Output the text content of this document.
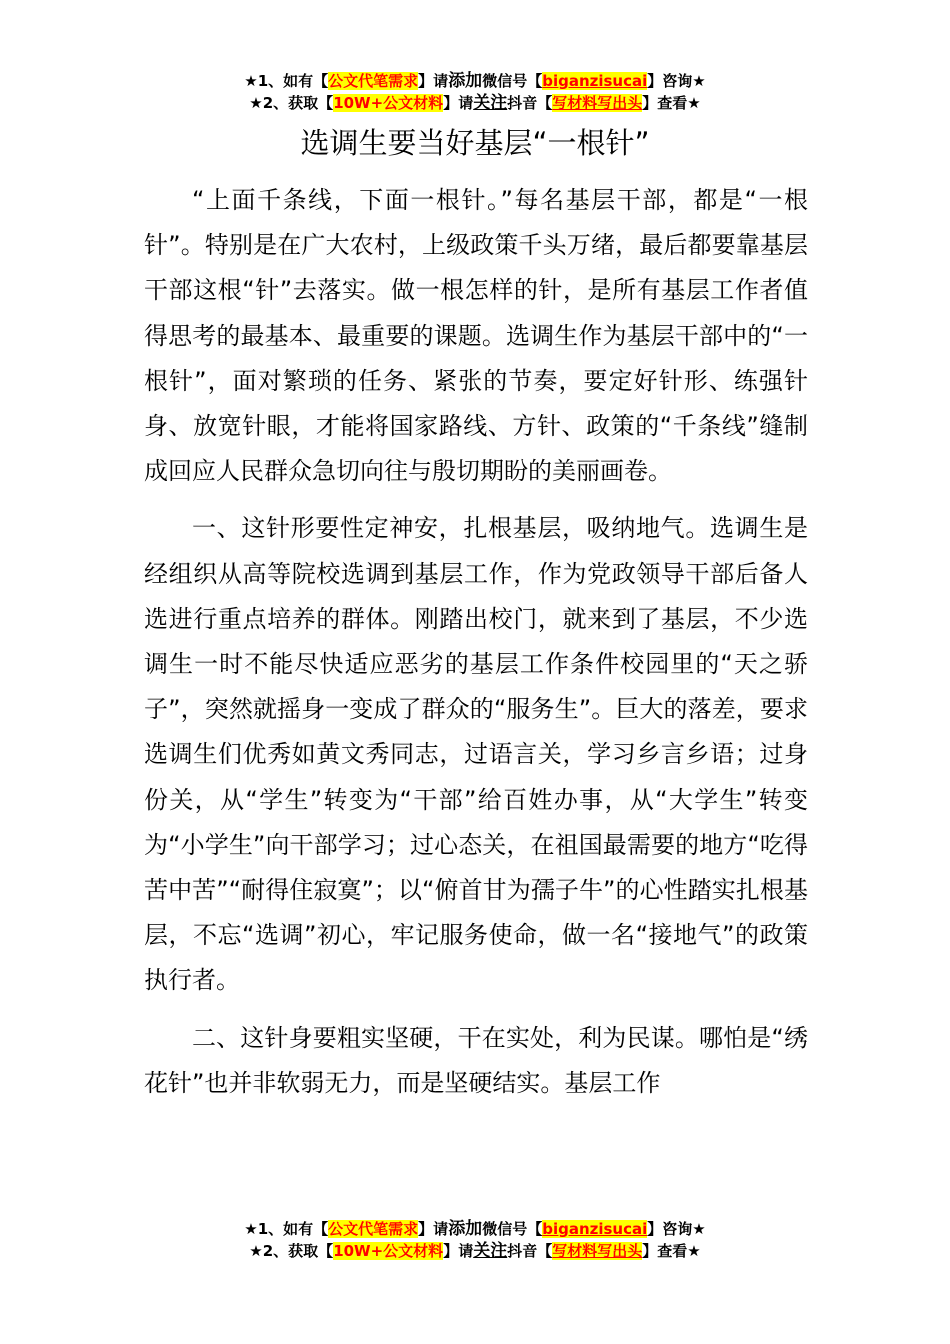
★1、如有【公文代笔需求】请添加微信号【biganzisucai】咨询★
★2、获取【10W+公文材料】请关注抖音【写材料写出头】查看★
选调生要当好基层“一根针”

“上面千条线，下面一根针。”每名基层干部，都是“一根针”。特别是在广大农村，上级政策千头万绪，最后都要靠基层干部这根“针”去落实。做一根怎样的针，是所有基层工作者值得思考的最基本、最重要的课题。选调生作为基层干部中的“一根针”，面对繁琐的任务、紧张的节奏，要定好针形、练强针身、放宽针眼，才能将国家路线、方针、政策的“千条线”缝制成回应人民群众急切向往与殷切期盼的美丽画卷。

一、这针形要性定神安，扎根基层，吸纳地气。选调生是经组织从高等院校选调到基层工作，作为党政领导干部后备人选进行重点培养的群体。刚踏出校门，就来到了基层，不少选调生一时不能尽快适应恶劣的基层工作条件校园里的“天之骄子”，突然就摇身一变成了群众的“服务生”。巨大的落差，要求选调生们优秀如黄文秀同志，过语言关，学习乡言乡语；过身份关，从“学生”转变为“干部”给百姓办事，从“大学生”转变为“小学生”向干部学习；过心态关，在祖国最需要的地方“吃得苦中苦”“耐得住寂寞”；以“俯首甘为孺子牛”的心性踏实扎根基层，不忘“选调”初心，牢记服务使命，做一名“接地气”的政策执行者。

二、这针身要粗实坚硬，干在实处，利为民谋。哪怕是“绣花针”也并非软弱无力，而是坚硬结实。基层工作

★1、如有【公文代笔需求】请添加微信号【biganzisucai】咨询★
★2、获取【10W+公文材料】请关注抖音【写材料写出头】查看★
